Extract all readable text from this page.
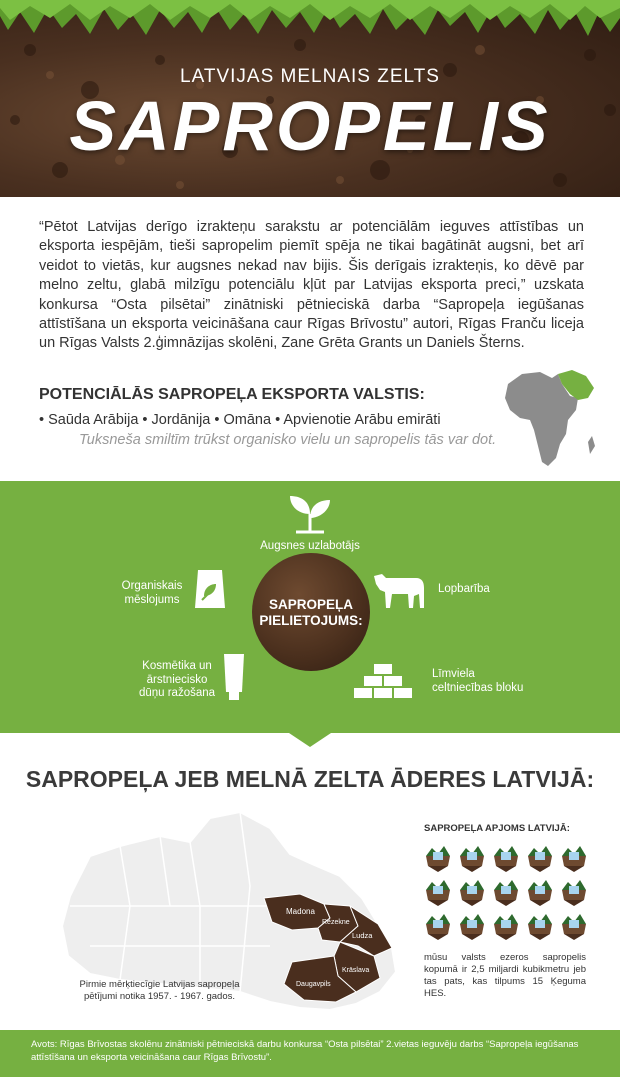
LATVIJAS MELNAIS ZELTS
SAPROPELIS
“Pētot Latvijas derīgo izrakteņu sarakstu ar potenciālām ieguves attīstības un eksporta iespējām, tieši sapropelim piemīt spēja ne tikai bagātināt augsni, bet arī veidot to vietās, kur augsnes nekad nav bijis. Šis derīgais izrakteņis, ko dēvē par melno zeltu, glabā milzīgu potenciālu kļūt par Latvijas eksporta preci,” uzskata konkursa “Osta pilsētai” zinātniski pētnieciskā darba “Sapropeļa iegūšanas attīstīšana un eksporta veicināšana caur Rīgas Brīvostu” autori, Rīgas Franču liceja un Rīgas Valsts 2.ģimnāzijas skolēni, Zane Grēta Grants un Daniels Šterns.
POTENCIĀLĀS SAPROPEĻA EKSPORTA VALSTIS:
• Saūda Arābija • Jordānija • Omāna • Apvienotie Arābu emirāti
Tuksneša smiltīm trūkst organisko vielu un sapropelis tās var dot.
Augsnes uzlabotājs
SAPROPEĻA
PIELIETOJUMS:
Organiskais
mēslojums
Lopbarība
Kosmētika un
ārstniecisko
dūņu ražošana
Līmviela
celtniecības bloku
SAPROPEĻA JEB MELNĀ ZELTA ĀDERES LATVIJĀ:
Madona
Rēzekne
Ludza
Krāslava
Daugavpils
Pirmie mērķtiecīgie Latvijas sapropeļa pētījumi notika 1957. - 1967. gados.
SAPROPEĻA APJOMS LATVIJĀ:
mūsu valsts ezeros sapropelis kopumā ir 2,5 miljardi kubikmetru jeb tas pats, kas tilpums 15 Ķeguma HES.
Avots: Rīgas Brīvostas skolēnu zinātniski pētnieciskā darbu konkursa “Osta pilsētai” 2.vietas ieguvēju darbs “Sapropeļa iegūšanas attīstīšana un eksporta veicināšana caur Rīgas Brīvostu”.
